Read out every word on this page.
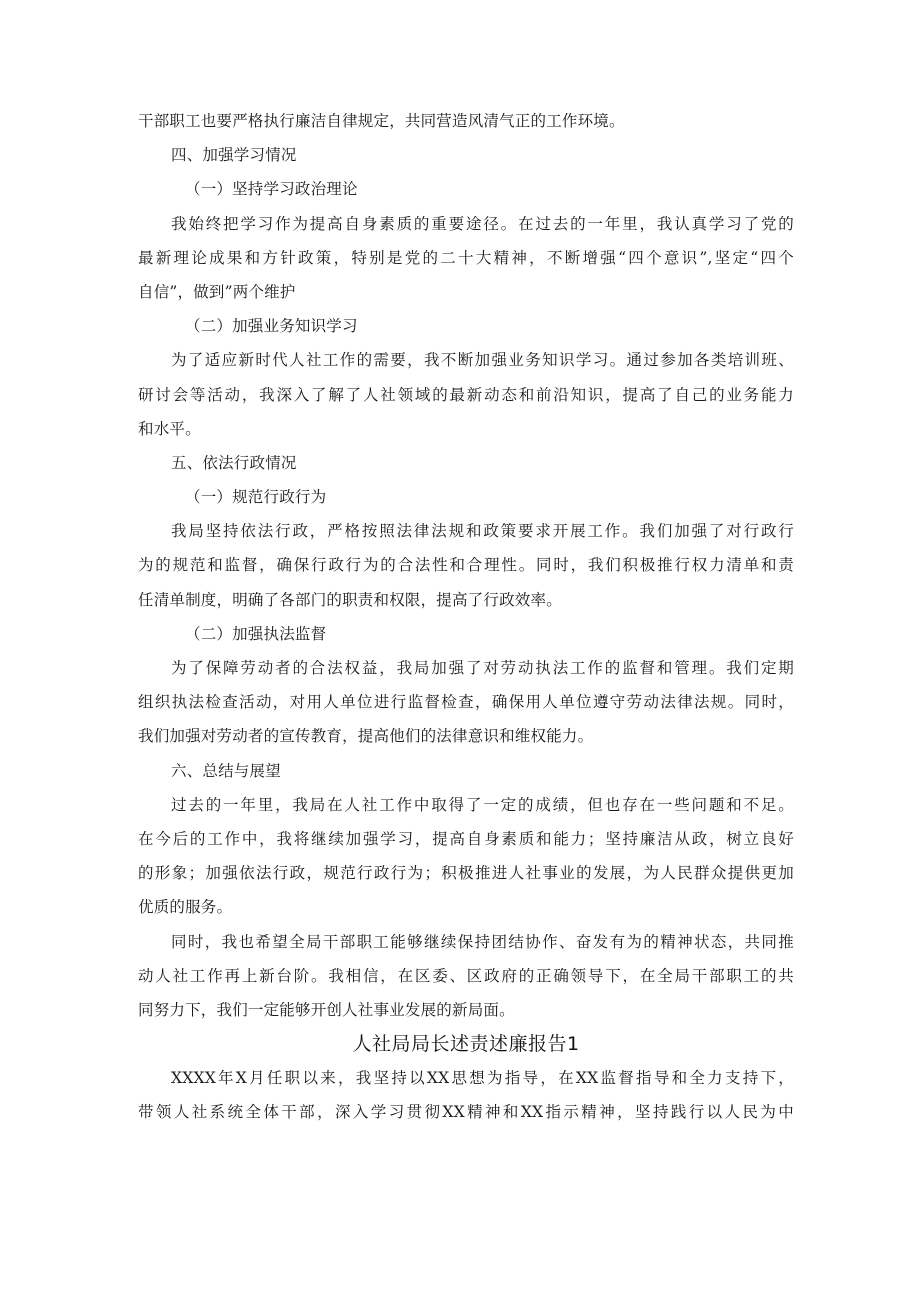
干部职工也要严格执行廉洁自律规定，共同营造风清气正的工作环境。
四、加强学习情况
（一）坚持学习政治理论
我始终把学习作为提高自身素质的重要途径。在过去的一年里，我认真学习了党的
最新理论成果和方针政策，特别是党的二十大精神，不断增强“四个意识”,坚定“四个
自信”，做到”两个维护
（二）加强业务知识学习
为了适应新时代人社工作的需要，我不断加强业务知识学习。通过参加各类培训班、
研讨会等活动，我深入了解了人社领域的最新动态和前沿知识，提高了自己的业务能力
和水平。
五、依法行政情况
（一）规范行政行为
我局坚持依法行政，严格按照法律法规和政策要求开展工作。我们加强了对行政行
为的规范和监督，确保行政行为的合法性和合理性。同时，我们积极推行权力清单和责
任清单制度，明确了各部门的职责和权限，提高了行政效率。
（二）加强执法监督
为了保障劳动者的合法权益，我局加强了对劳动执法工作的监督和管理。我们定期
组织执法检查活动，对用人单位进行监督检查，确保用人单位遵守劳动法律法规。同时，
我们加强对劳动者的宣传教育，提高他们的法律意识和维权能力。
六、总结与展望
过去的一年里，我局在人社工作中取得了一定的成绩，但也存在一些问题和不足。
在今后的工作中，我将继续加强学习，提高自身素质和能力；坚持廉洁从政，树立良好
的形象；加强依法行政，规范行政行为；积极推进人社事业的发展，为人民群众提供更加
优质的服务。
同时，我也希望全局干部职工能够继续保持团结协作、奋发有为的精神状态，共同推
动人社工作再上新台阶。我相信，在区委、区政府的正确领导下，在全局干部职工的共
同努力下，我们一定能够开创人社事业发展的新局面。
人社局局长述责述廉报告1
XXXX年X月任职以来，我坚持以XX思想为指导，在XX监督指导和全力支持下，
带领人社系统全体干部，深入学习贯彻XX精神和XX指示精神，坚持践行以人民为中
